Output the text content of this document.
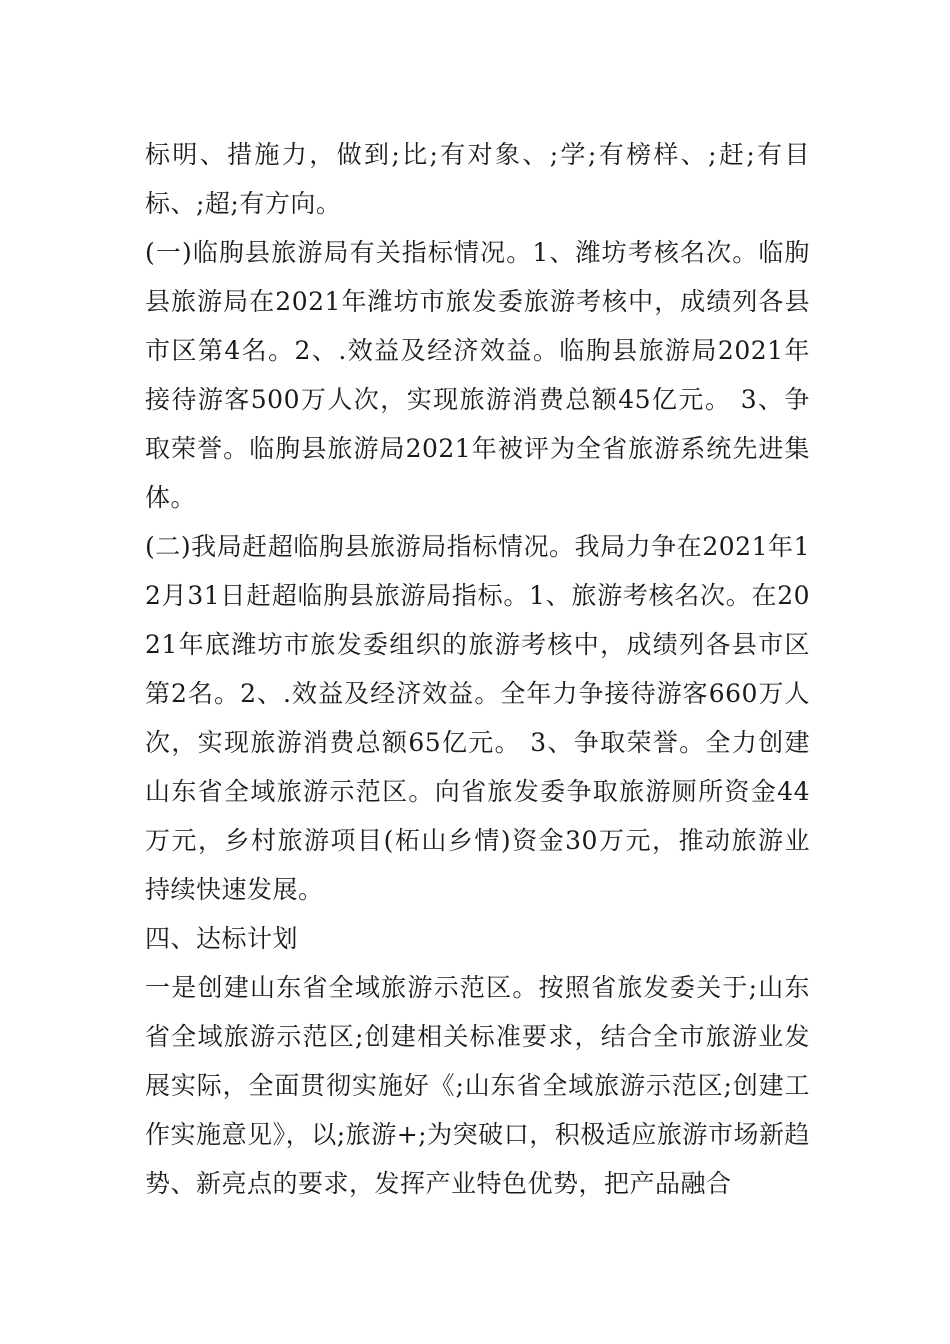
标明、措施力，做到;比;有对象、;学;有榜样、;赶;有目标、;超;有方向。

(一)临朐县旅游局有关指标情况。1、潍坊考核名次。临朐县旅游局在2021年潍坊市旅发委旅游考核中，成绩列各县市区第4名。2、.效益及经济效益。临朐县旅游局2021年接待游客500万人次，实现旅游消费总额45亿元。 3、争取荣誉。临朐县旅游局2021年被评为全省旅游系统先进集体。

(二)我局赶超临朐县旅游局指标情况。我局力争在2021年12月31日赶超临朐县旅游局指标。1、旅游考核名次。在2021年底潍坊市旅发委组织的旅游考核中，成绩列各县市区第2名。2、.效益及经济效益。全年力争接待游客660万人次，实现旅游消费总额65亿元。 3、争取荣誉。全力创建山东省全域旅游示范区。向省旅发委争取旅游厕所资金44万元，乡村旅游项目(柘山乡情)资金30万元，推动旅游业持续快速发展。

四、达标计划

一是创建山东省全域旅游示范区。按照省旅发委关于;山东省全域旅游示范区;创建相关标准要求，结合全市旅游业发展实际，全面贯彻实施好《;山东省全域旅游示范区;创建工作实施意见》，以;旅游+;为突破口，积极适应旅游市场新趋势、新亮点的要求，发挥产业特色优势，把产品融合
